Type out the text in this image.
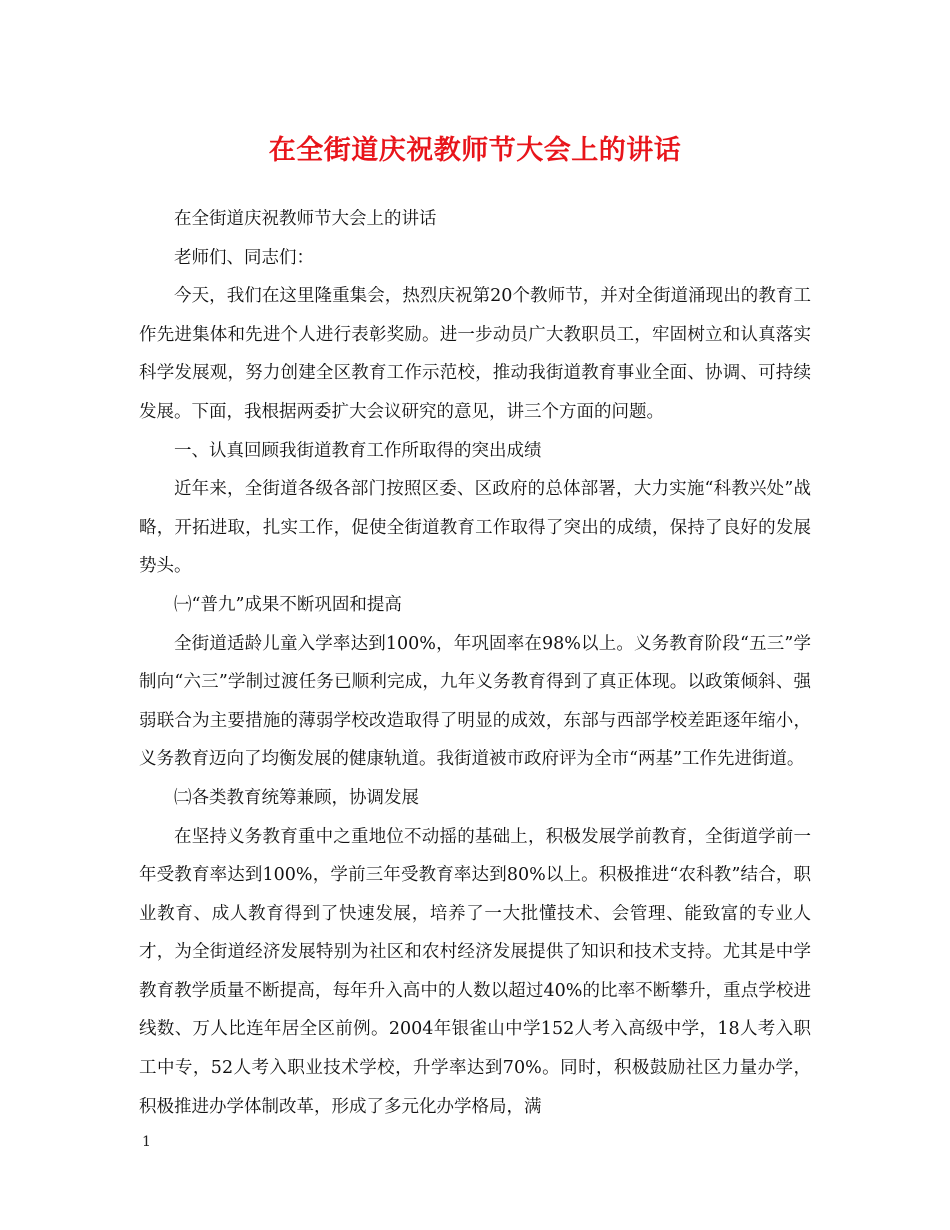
在全街道庆祝教师节大会上的讲话

在全街道庆祝教师节大会上的讲话

老师们、同志们：

今天，我们在这里隆重集会，热烈庆祝第20个教师节，并对全街道涌现出的教育工作先进集体和先进个人进行表彰奖励。进一步动员广大教职员工，牢固树立和认真落实科学发展观，努力创建全区教育工作示范校，推动我街道教育事业全面、协调、可持续发展。下面，我根据两委扩大会议研究的意见，讲三个方面的问题。

一、认真回顾我街道教育工作所取得的突出成绩

近年来，全街道各级各部门按照区委、区政府的总体部署，大力实施“科教兴处”战略，开拓进取，扎实工作，促使全街道教育工作取得了突出的成绩，保持了良好的发展势头。

㈠“普九”成果不断巩固和提高

全街道适龄儿童入学率达到100%，年巩固率在98%以上。义务教育阶段“五三”学制向“六三”学制过渡任务已顺利完成，九年义务教育得到了真正体现。以政策倾斜、强弱联合为主要措施的薄弱学校改造取得了明显的成效，东部与西部学校差距逐年缩小，义务教育迈向了均衡发展的健康轨道。我街道被市政府评为全市“两基”工作先进街道。

㈡各类教育统筹兼顾，协调发展

在坚持义务教育重中之重地位不动摇的基础上，积极发展学前教育，全街道学前一年受教育率达到100%，学前三年受教育率达到80%以上。积极推进“农科教”结合，职业教育、成人教育得到了快速发展，培养了一大批懂技术、会管理、能致富的专业人才，为全街道经济发展特别为社区和农村经济发展提供了知识和技术支持。尤其是中学教育教学质量不断提高，每年升入高中的人数以超过40%的比率不断攀升，重点学校进线数、万人比连年居全区前例。2004年银雀山中学152人考入高级中学，18人考入职工中专，52人考入职业技术学校，升学率达到70%。同时，积极鼓励社区力量办学，积极推进办学体制改革，形成了多元化办学格局，满

1
